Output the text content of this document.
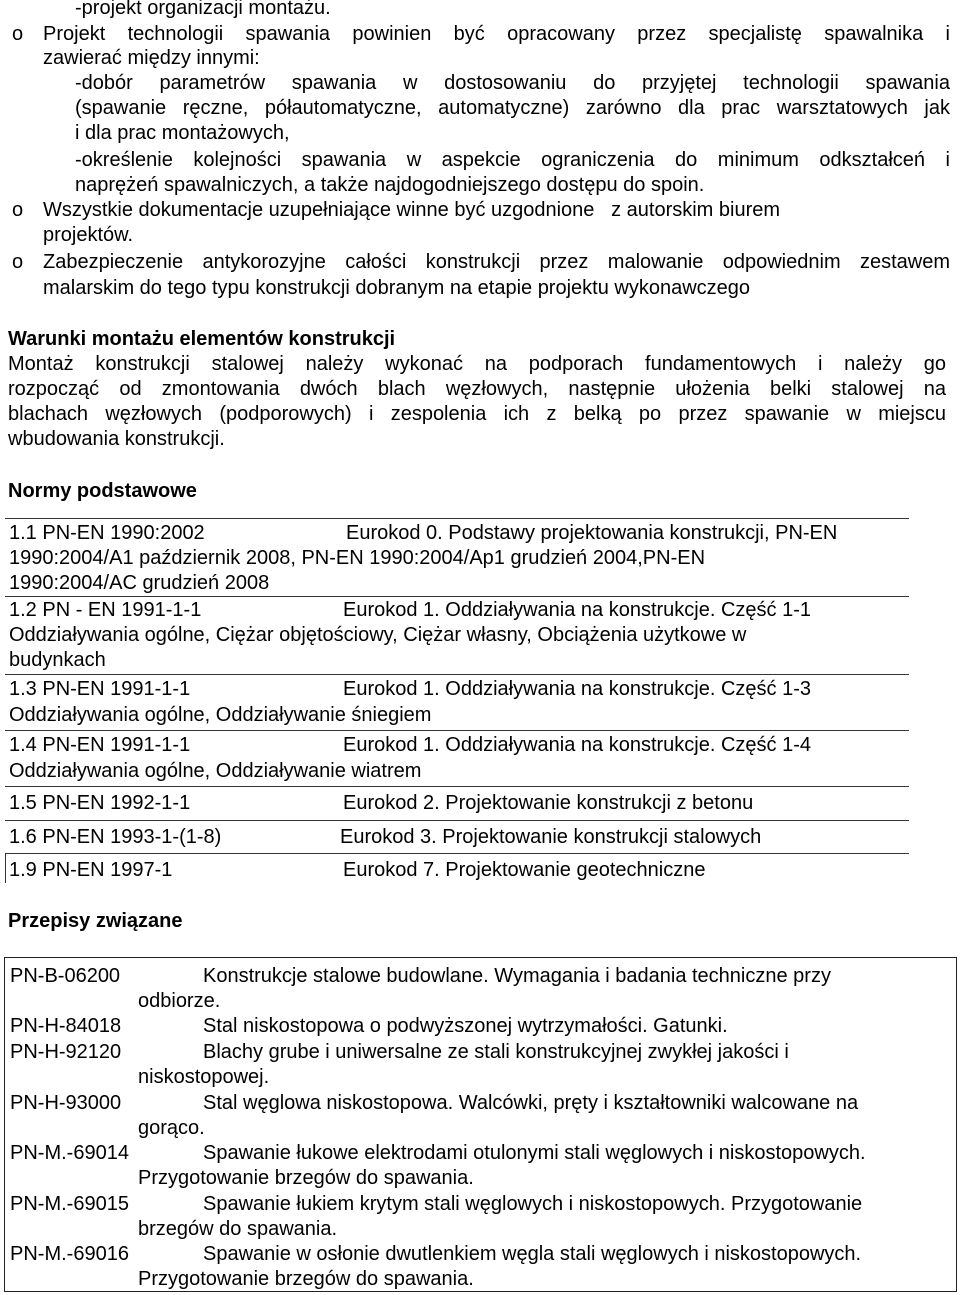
-projekt organizacji montażu.
o Projekt technologii spawania powinien być opracowany przez specjalistę spawalnika i
zawierać między innymi:
-dobór parametrów spawania w dostosowaniu do przyjętej technologii spawania
(spawanie ręczne, półautomatyczne, automatyczne) zarówno dla prac warsztatowych jak
i dla prac montażowych,
-określenie kolejności spawania w aspekcie ograniczenia do minimum odkształceń i
naprężeń spawalniczych, a także najdogodniejszego dostępu do spoin.
o Wszystkie dokumentacje uzupełniające winne być uzgodnione   z autorskim biurem
projektów.
o Zabezpieczenie antykorozyjne całości konstrukcji przez malowanie odpowiednim zestawem
malarskim do tego typu konstrukcji dobranym na etapie projektu wykonawczego
Warunki montażu elementów konstrukcji
Montaż konstrukcji stalowej należy wykonać na podporach fundamentowych i należy go
rozpocząć od zmontowania dwóch blach węzłowych, następnie ułożenia belki stalowej na
blachach węzłowych (podporowych) i zespolenia ich z belką po przez spawanie w miejscu
wbudowania konstrukcji.
Normy podstawowe
1.1 PN-EN 1990:2002	Eurokod 0. Podstawy projektowania konstrukcji, PN-EN
1990:2004/A1 październik 2008, PN-EN 1990:2004/Ap1 grudzień 2004,PN-EN
1990:2004/AC grudzień 2008
1.2 PN - EN 1991-1-1	Eurokod 1. Oddziaływania na konstrukcje. Część 1-1
Oddziaływania ogólne, Ciężar objętościowy, Ciężar własny, Obciążenia użytkowe w
budynkach
1.3 PN-EN 1991-1-1	Eurokod 1. Oddziaływania na konstrukcje. Część 1-3
Oddziaływania ogólne, Oddziaływanie śniegiem
1.4 PN-EN 1991-1-1	Eurokod 1. Oddziaływania na konstrukcje. Część 1-4
Oddziaływania ogólne, Oddziaływanie wiatrem
1.5 PN-EN 1992-1-1	Eurokod 2. Projektowanie konstrukcji z betonu
1.6 PN-EN 1993-1-(1-8)	Eurokod 3. Projektowanie konstrukcji stalowych
1.9 PN-EN 1997-1	Eurokod 7. Projektowanie geotechniczne
Przepisy związane
PN-B-06200	Konstrukcje stalowe budowlane. Wymagania i badania techniczne przy
odbiorze.
PN-H-84018	Stal niskostopowa o podwyższonej wytrzymałości. Gatunki.
PN-H-92120	Blachy grube i uniwersalne ze stali konstrukcyjnej zwykłej jakości i
niskostopowej.
PN-H-93000	Stal węglowa niskostopowa. Walcówki, pręty i kształtowniki walcowane na
gorąco.
PN-M.-69014	Spawanie łukowe elektrodami otulonymi stali węglowych i niskostopowych.
Przygotowanie brzegów do spawania.
PN-M.-69015	Spawanie łukiem krytym stali węglowych i niskostopowych. Przygotowanie
brzegów do spawania.
PN-M.-69016	Spawanie w osłonie dwutlenkiem węgla stali węglowych i niskostopowych.
Przygotowanie brzegów do spawania.
